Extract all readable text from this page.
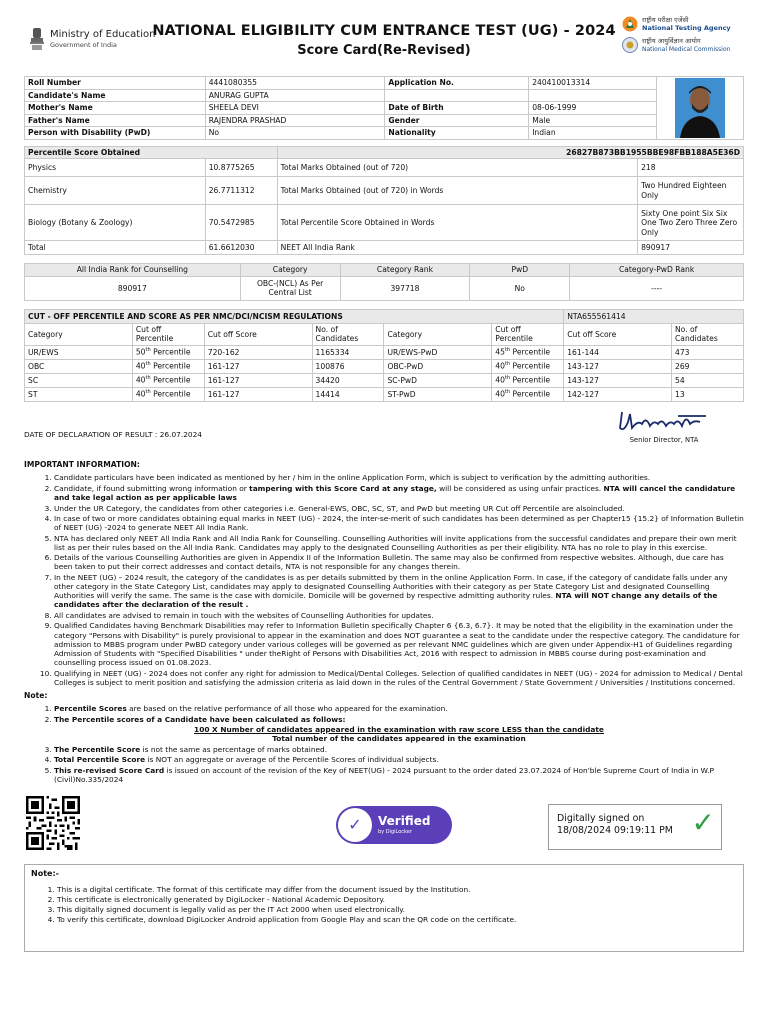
Ministry of Education
Government of India
NATIONAL ELIGIBILITY CUM ENTRANCE TEST (UG) - 2024
Score Card(Re-Revised)
राष्ट्रीय परीक्षा एजेंसी
National Testing Agency
राष्ट्रीय आयुर्विज्ञान आयोग
National Medical Commission
Roll Number	4441080355	Application No.	240410013314	

Candidate's Name	ANURAG GUPTA			
Mother's Name	SHEELA DEVI	Date of Birth	08-06-1999	
Father's Name	RAJENDRA PRASHAD	Gender	Male	
Person with Disability (PwD)	No	Nationality	Indian	
Percentile Score Obtained		26827B873BB1955BBE98FBB188A5E36D	
Physics	10.8775265	Total Marks Obtained (out of 720)	218
Chemistry	26.7711312	Total Marks Obtained (out of 720) in Words	Two Hundred Eighteen Only
Biology (Botany & Zoology)	70.5472985	Total Percentile Score Obtained in Words	Sixty One point Six Six One Two Zero Three Zero Only
Total	61.6612030	NEET All India Rank	890917
All India Rank for Counselling	Category	Category Rank	PwD	Category-PwD Rank
890917	OBC-(NCL) As Per Central List	397718	No	----
CUT - OFF PERCENTILE AND SCORE AS PER NMC/DCI/NCISM REGULATIONS						NTA655561414	
Category	Cut off Percentile	Cut off Score	No. of Candidates	Category	Cut off Percentile	Cut off Score	No. of Candidates
UR/EWS	50th Percentile	720-162	1165334	UR/EWS-PwD	45th Percentile	161-144	473
OBC	40th Percentile	161-127	100876	OBC-PwD	40th Percentile	143-127	269
SC	40th Percentile	161-127	34420	SC-PwD	40th Percentile	143-127	54
ST	40th Percentile	161-127	14414	ST-PwD	40th Percentile	142-127	13
DATE OF DECLARATION OF RESULT : 26.07.2024
Senior Director, NTA
IMPORTANT INFORMATION:
1. Candidate particulars have been indicated as mentioned by her / him in the online Application Form, which is subject to verification by the admitting authorities.
2. Candidate, if found submitting wrong information or tampering with this Score Card at any stage, will be considered as using unfair practices. NTA will cancel the candidature and take legal action as per applicable laws
3. Under the UR Category, the candidates from other categories i.e. General-EWS, OBC, SC, ST, and PwD but meeting UR Cut off Percentile are alsoincluded.
4. In case of two or more candidates obtaining equal marks in NEET (UG) - 2024, the inter-se-merit of such candidates has been determined as per Chapter15 {15.2} of Information Bulletin of NEET (UG) -2024 to generate NEET All India Rank.
5. NTA has declared only NEET All India Rank and All India Rank for Counselling. Counselling Authorities will invite applications from the successful candidates and prepare their own merit list as per their rules based on the All India Rank. Candidates may apply to the designated Counselling Authorities as per their eligibility. NTA has no role to play in this exercise.
6. Details of the various Counselling Authorities are given in Appendix II of the Information Bulletin. The same may also be confirmed from respective websites. Although, due care has been taken to put their correct addresses and contact details, NTA is not responsible for any changes therein.
7. In the NEET (UG) – 2024 result, the category of the candidates is as per details submitted by them in the online Application Form. In case, if the category of candidate falls under any other category in the State Category List, candidates may apply to designated Counselling Authorities with their category as per State Category List and designated Counselling Authorities will verify the same. The same is the case with domicile. Domicile will be governed by respective admitting authority rules. NTA will NOT change any details of the candidates after the declaration of the result .
8. All candidates are advised to remain in touch with the websites of Counselling Authorities for updates.
9. Qualified Candidates having Benchmark Disabilities may refer to Information Bulletin specifically Chapter 6 {6.3, 6.7}. It may be noted that the eligibility in the examination under the category "Persons with Disability" is purely provisional to appear in the examination and does NOT guarantee a seat to the candidate under the respective category. The candidature for admission to MBBS program under PwBD category under various colleges will be governed as per relevant NMC guidelines which are given under Appendix-H1 of Guidelines regarding Admission of Students with "Specified Disabilities " under theRight of Persons with Disabilities Act, 2016 with respect to admission in MBBS course during post-examination and counselling process issued on 01.08.2023.
10. Qualifying in NEET (UG) - 2024 does not confer any right for admission to Medical/Dental Colleges. Selection of qualified candidates in NEET (UG) - 2024 for admission to Medical / Dental Colleges is subject to merit position and satisfying the admission criteria as laid down in the rules of the Central Government / State Government / Universities / Institutions concerned.
Note:
1. Percentile Scores are based on the relative performance of all those who appeared for the examination.
2. The Percentile scores of a Candidate have been calculated as follows:
100 X Number of candidates appeared in the examination with raw score LESS than the candidate
Total number of the candidates appeared in the examination
3. The Percentile Score is not the same as percentage of marks obtained.
4. Total Percentile Score is NOT an aggregate or average of the Percentile Scores of individual subjects.
5. This re-revised Score Card is issued on account of the revision of the Key of NEET(UG) - 2024 pursuant to the order dated 23.07.2024 of Hon'ble Supreme Court of India in W.P (Civil)No.335/2024
✓	Verified
by DigiLocker
Digitally signed on
18/08/2024 09:19:11 PM ✓
Note:-
1. This is a digital certificate. The format of this certificate may differ from the document issued by the Institution.
2. This certificate is electronically generated by DigiLocker - National Academic Depository.
3. This digitally signed document is legally valid as per the IT Act 2000 when used electronically.
4. To verify this certificate, download DigiLocker Android application from Google Play and scan the QR code on the certificate.
